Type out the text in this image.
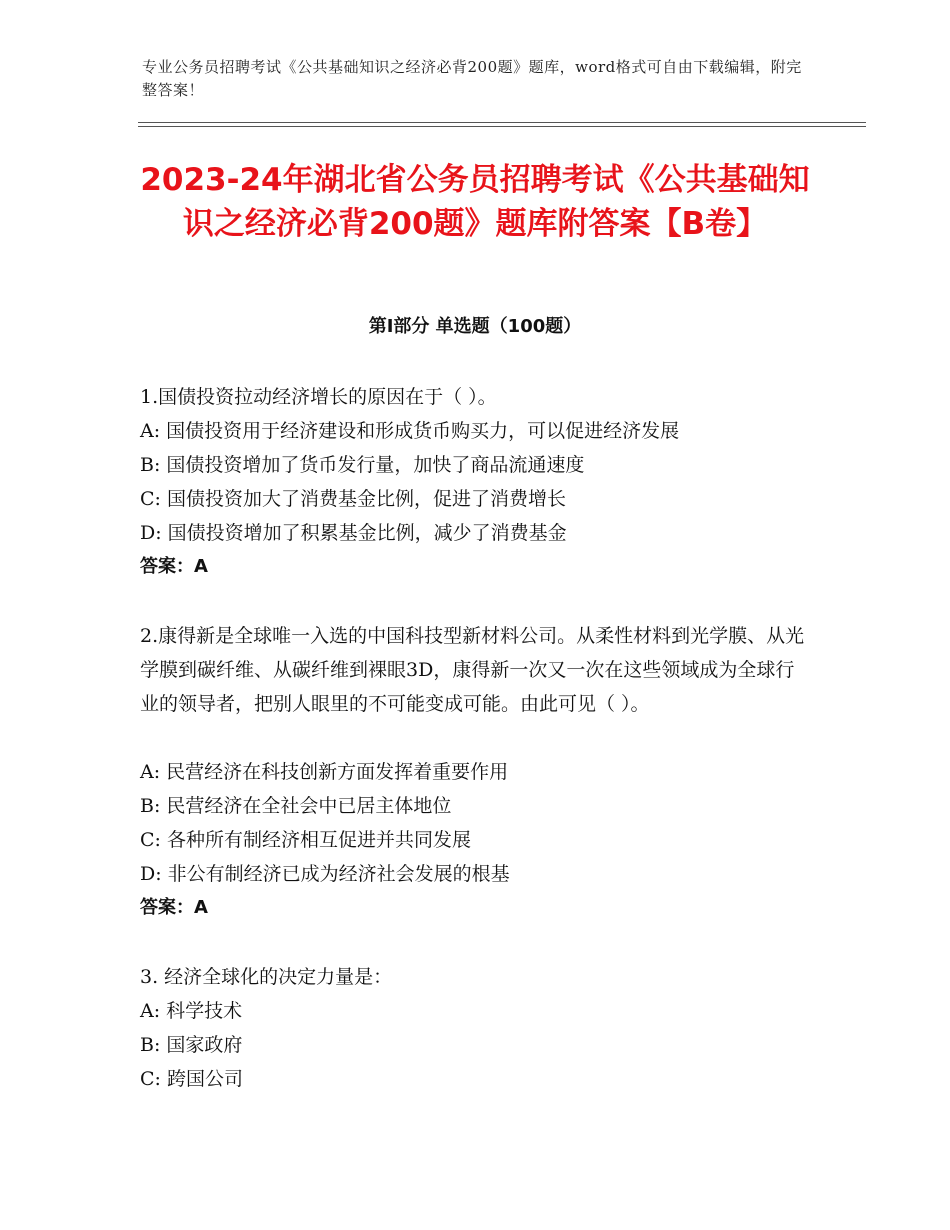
专业公务员招聘考试《公共基础知识之经济必背200题》题库，word格式可自由下载编辑，附完整答案！
2023-24年湖北省公务员招聘考试《公共基础知识之经济必背200题》题库附答案【B卷】
第Ⅰ部分 单选题（100题）
1.国债投资拉动经济增长的原因在于（ ）。
A: 国债投资用于经济建设和形成货币购买力，可以促进经济发展
B: 国债投资增加了货币发行量，加快了商品流通速度
C: 国债投资加大了消费基金比例，促进了消费增长
D: 国债投资增加了积累基金比例，减少了消费基金
答案：A
2.康得新是全球唯一入选的中国科技型新材料公司。从柔性材料到光学膜、从光学膜到碳纤维、从碳纤维到裸眼3D，康得新一次又一次在这些领域成为全球行业的领导者，把别人眼里的不可能变成可能。由此可见（ ）。
A: 民营经济在科技创新方面发挥着重要作用
B: 民营经济在全社会中已居主体地位
C: 各种所有制经济相互促进并共同发展
D: 非公有制经济已成为经济社会发展的根基
答案：A
3. 经济全球化的决定力量是：
A: 科学技术
B: 国家政府
C: 跨国公司
